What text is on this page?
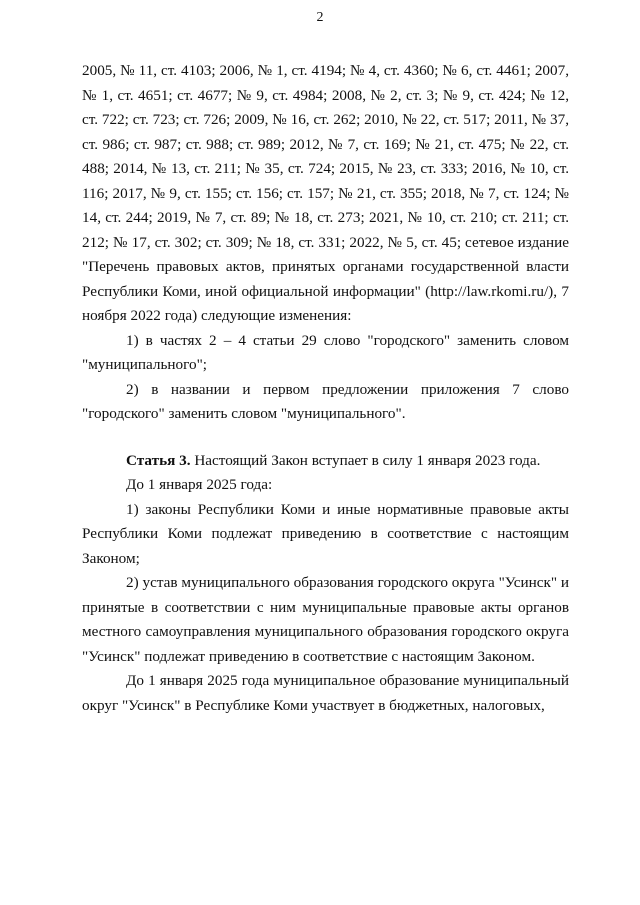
2

2005, № 11, ст. 4103; 2006, № 1, ст. 4194; № 4, ст. 4360; № 6, ст. 4461; 2007, № 1, ст. 4651; ст. 4677; № 9, ст. 4984; 2008, № 2, ст. 3; № 9, ст. 424; № 12, ст. 722; ст. 723; ст. 726; 2009, № 16, ст. 262; 2010, № 22, ст. 517; 2011, № 37, ст. 986; ст. 987; ст. 988; ст. 989; 2012, № 7, ст. 169; № 21, ст. 475; № 22, ст. 488; 2014, № 13, ст. 211; № 35, ст. 724; 2015, № 23, ст. 333; 2016, № 10, ст. 116; 2017, № 9, ст. 155; ст. 156; ст. 157; № 21, ст. 355; 2018, № 7, ст. 124; № 14, ст. 244; 2019, № 7, ст. 89; № 18, ст. 273; 2021, № 10, ст. 210; ст. 211; ст. 212; № 17, ст. 302; ст. 309; № 18, ст. 331; 2022, № 5, ст. 45; сетевое издание "Перечень правовых актов, принятых органами государственной власти Республики Коми, иной официальной информации" (http://law.rkomi.ru/), 7 ноября 2022 года) следующие изменения:

1) в частях 2 – 4 статьи 29 слово "городского" заменить словом "муниципального";

2) в названии и первом предложении приложения 7 слово "городского" заменить словом "муниципального".

Статья 3. Настоящий Закон вступает в силу 1 января 2023 года.

До 1 января 2025 года:

1) законы Республики Коми и иные нормативные правовые акты Республики Коми подлежат приведению в соответствие с настоящим Законом;

2) устав муниципального образования городского округа "Усинск" и принятые в соответствии с ним муниципальные правовые акты органов местного самоуправления муниципального образования городского округа "Усинск" подлежат приведению в соответствие с настоящим Законом.

До 1 января 2025 года муниципальное образование муниципальный округ "Усинск" в Республике Коми участвует в бюджетных, налоговых,
